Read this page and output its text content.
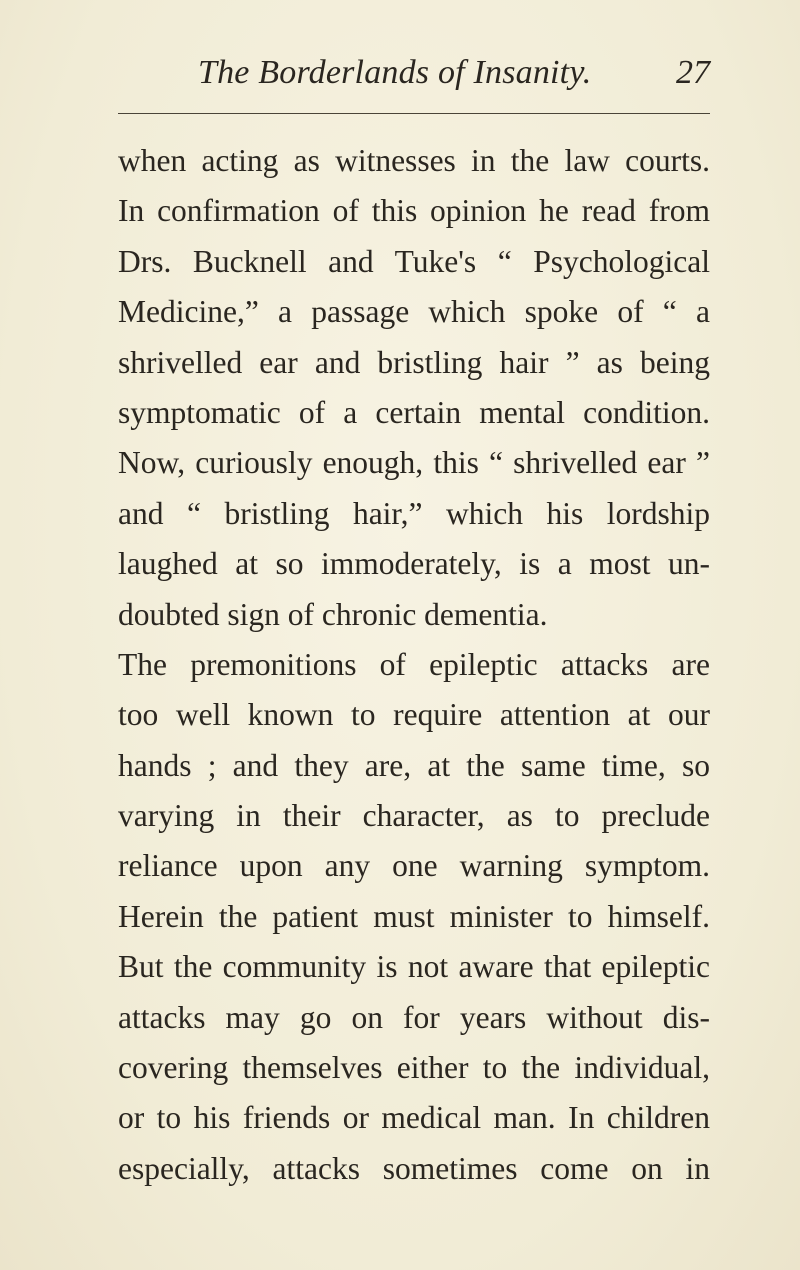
The Borderlands of Insanity. 27
when acting as witnesses in the law courts.
In confirmation of this opinion he read from
Drs. Bucknell and Tuke's “ Psychological
Medicine,” a passage which spoke of “ a
shrivelled ear and bristling hair ” as being
symptomatic of a certain mental condition.
Now, curiously enough, this “ shrivelled ear ”
and “ bristling hair,” which his lordship
laughed at so immoderately, is a most un-
doubted sign of chronic dementia.
The premonitions of epileptic attacks are
too well known to require attention at our
hands ; and they are, at the same time, so
varying in their character, as to preclude
reliance upon any one warning symptom.
Herein the patient must minister to himself.
But the community is not aware that epileptic
attacks may go on for years without dis-
covering themselves either to the individual,
or to his friends or medical man. In children
especially, attacks sometimes come on in
